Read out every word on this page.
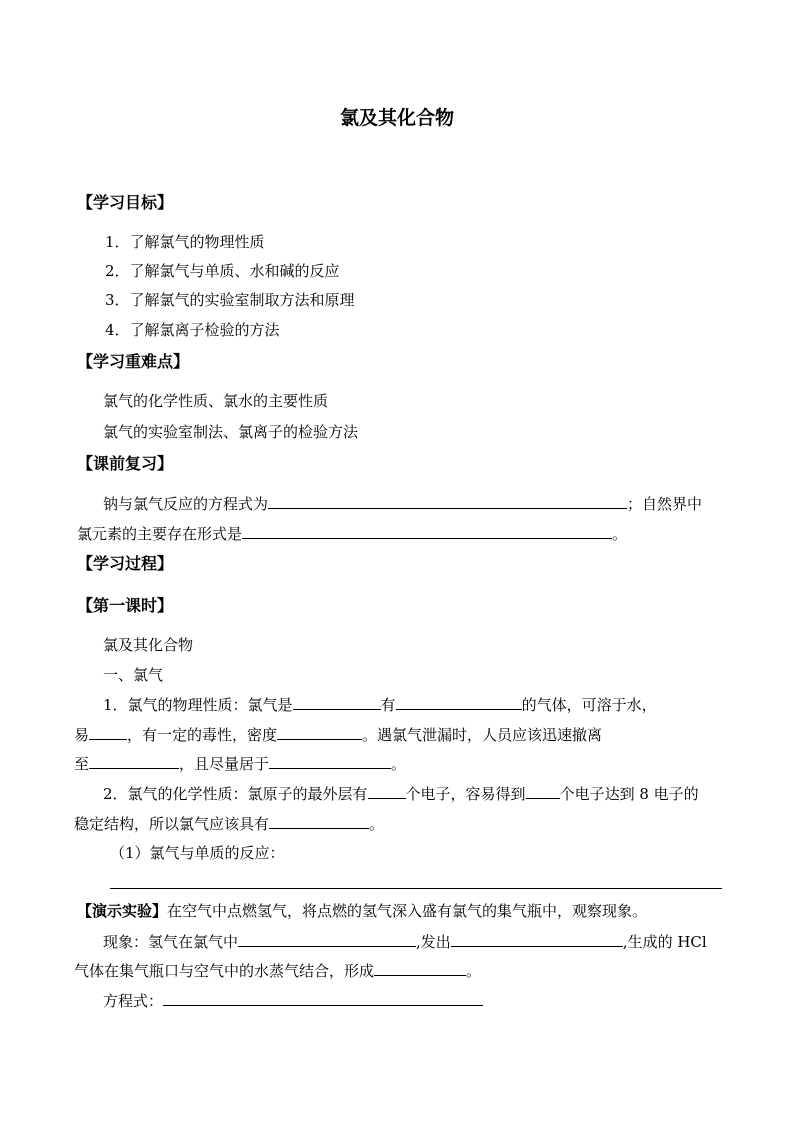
氯及其化合物
【学习目标】
1．了解氯气的物理性质
2．了解氯气与单质、水和碱的反应
3．了解氯气的实验室制取方法和原理
4．了解氯离子检验的方法
【学习重难点】
氯气的化学性质、氯水的主要性质
氯气的实验室制法、氯离子的检验方法
【课前复习】
钠与氯气反应的方程式为	；自然界中
氯元素的主要存在形式是	。
【学习过程】
【第一课时】
氯及其化合物
一、氯气
1．氯气的物理性质：氯气是	有	的气体，可溶于水，
易	，有一定的毒性，密度	。遇氯气泄漏时，人员应该迅速撤离
至	，且尽量居于	。
2．氯气的化学性质：氯原子的最外层有	个电子，容易得到 个电子达到 8 电子的
稳定结构，所以氯气应该具有	。
（1）氯气与单质的反应：
【演示实验】在空气中点燃氢气，将点燃的氢气深入盛有氯气的集气瓶中，观察现象。
现象：氢气在氯气中	,发出	,生成的 HCl
气体在集气瓶口与空气中的水蒸气结合，形成	。
方程式：
